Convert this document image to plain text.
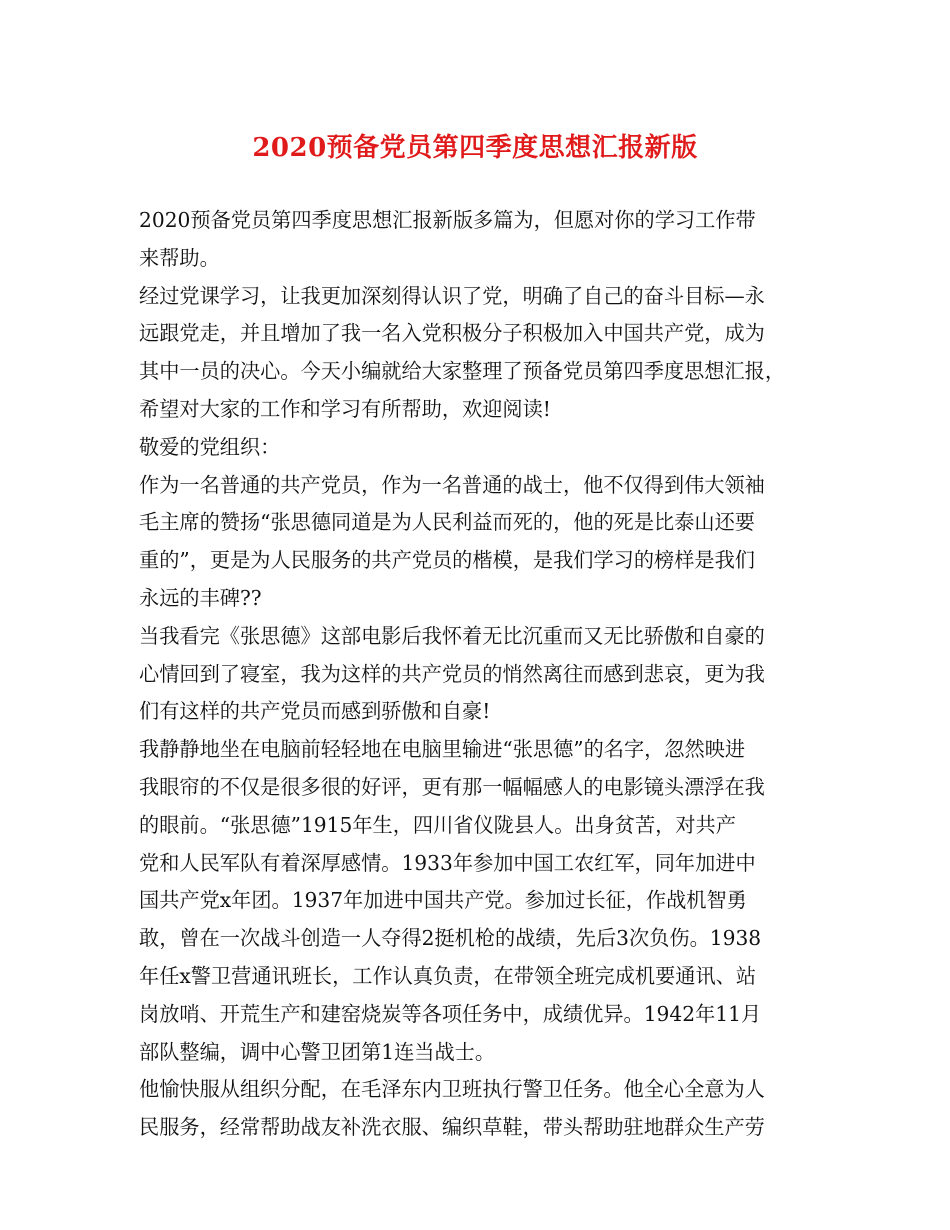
2020预备党员第四季度思想汇报新版

2020预备党员第四季度思想汇报新版多篇为，但愿对你的学习工作带
来帮助。

经过党课学习，让我更加深刻得认识了党，明确了自己的奋斗目标—永
远跟党走，并且增加了我一名入党积极分子积极加入中国共产党，成为
其中一员的决心。今天小编就给大家整理了预备党员第四季度思想汇报，
希望对大家的工作和学习有所帮助，欢迎阅读!

敬爱的党组织：

作为一名普通的共产党员，作为一名普通的战士，他不仅得到伟大领袖
毛主席的赞扬“张思德同道是为人民利益而死的，他的死是比泰山还要
重的”，更是为人民服务的共产党员的楷模，是我们学习的榜样是我们
永远的丰碑??

当我看完《张思德》这部电影后我怀着无比沉重而又无比骄傲和自豪的
心情回到了寝室，我为这样的共产党员的悄然离往而感到悲哀，更为我
们有这样的共产党员而感到骄傲和自豪!

我静静地坐在电脑前轻轻地在电脑里输进“张思德”的名字，忽然映进
我眼帘的不仅是很多很的好评，更有那一幅幅感人的电影镜头漂浮在我
的眼前。“张思德”1915年生，四川省仪陇县人。出身贫苦，对共产
党和人民军队有着深厚感情。1933年参加中国工农红军，同年加进中
国共产党x年团。1937年加进中国共产党。参加过长征，作战机智勇
敢，曾在一次战斗创造一人夺得2挺机枪的战绩，先后3次负伤。1938
年任x警卫营通讯班长，工作认真负责，在带领全班完成机要通讯、站
岗放哨、开荒生产和建窑烧炭等各项任务中，成绩优异。1942年11月
部队整编，调中心警卫团第1连当战士。

他愉快服从组织分配，在毛泽东内卫班执行警卫任务。他全心全意为人
民服务，经常帮助战友补洗衣服、编织草鞋，带头帮助驻地群众生产劳
